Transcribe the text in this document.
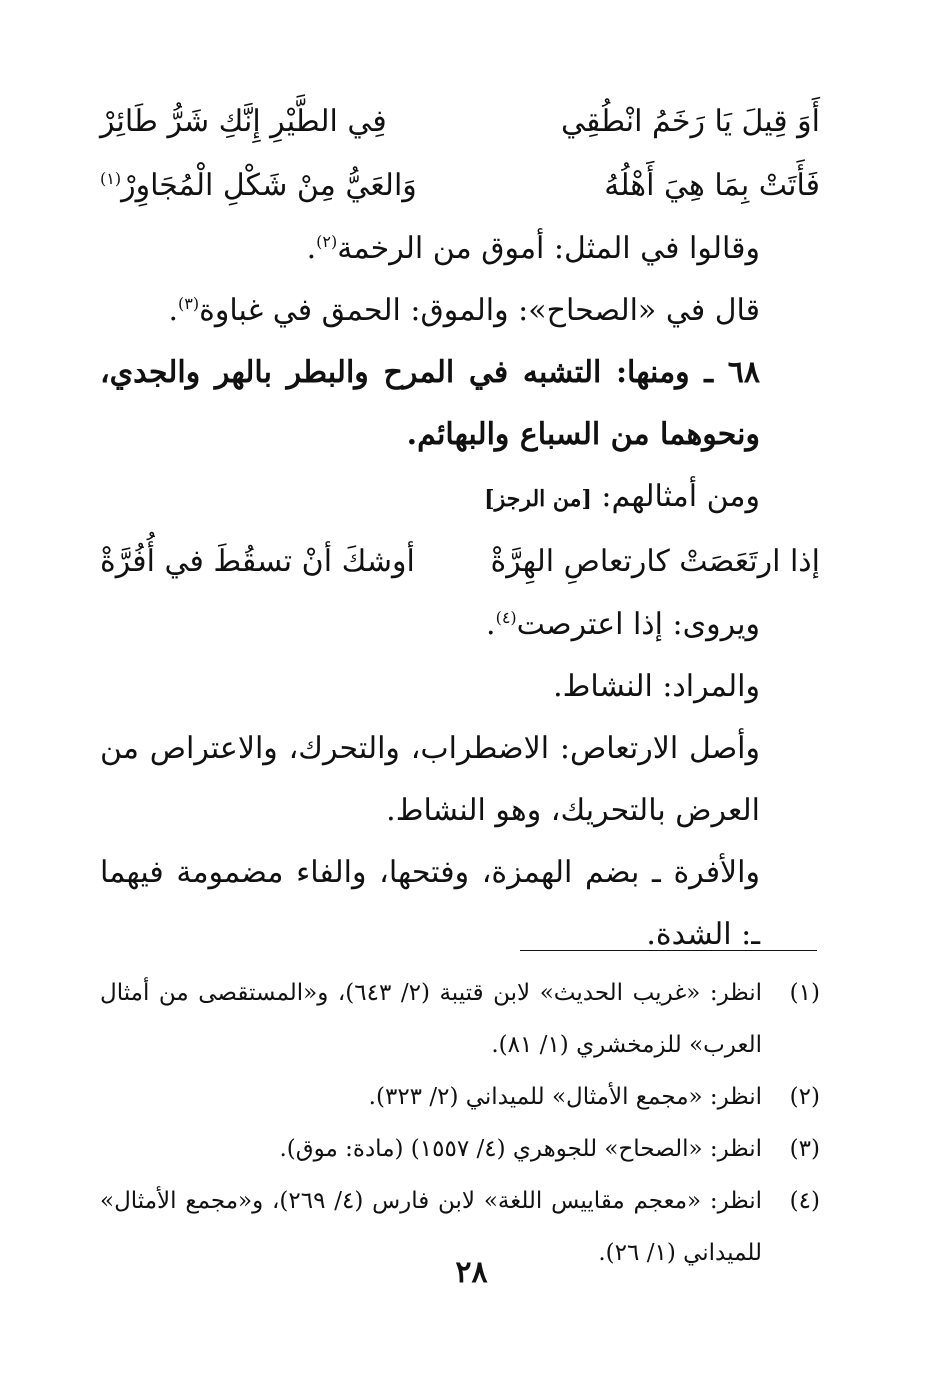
أَوَ قِيلَ يَا رَخَمُ انْطُقِي
فِي الطَّيْرِ إِنَّكِ شَرُّ طَائِرْ
فَأَتَتْ بِمَا هِيَ أَهْلُهُ
وَالعَيُّ مِنْ شَكْلِ الْمُجَاوِرْ$^{(١)}$

وقالوا في المثل: أموق من الرخمة$^{(٢)}$.

قال في «الصحاح»: والموق: الحمق في غباوة$^{(٣)}$.

٦٨ ـ ومنها: التشبه في المرح والبطر بالهر والجدي، ونحوهما من السباع والبهائم.

ومن أمثالهم: [من الرجز]

إذا ارتَعَصَتْ كارتعاصِ الهِرَّةْ
أوشكَ أنْ تسقُطَ في أُفُرَّةْ

ويروى: إذا اعترصت$^{(٤)}$.

والمراد: النشاط.

وأصل الارتعاص: الاضطراب، والتحرك، والاعتراص من العرض بالتحريك، وهو النشاط.

والأفرة ـ بضم الهمزة، وفتحها، والفاء مضمومة فيهما ـ: الشدة.

(١)
انظر: «غريب الحديث» لابن قتيبة (٢/ ٦٤٣)، و«المستقصى من أمثال العرب» للزمخشري (١/ ٨١).
(٢)
انظر: «مجمع الأمثال» للميداني (٢/ ٣٢٣).
(٣)
انظر: «الصحاح» للجوهري (٤/ ١٥٥٧) (مادة: موق).
(٤)
انظر: «معجم مقاييس اللغة» لابن فارس (٤/ ٢٦٩)، و«مجمع الأمثال» للميداني (١/ ٢٦).
٢٨
